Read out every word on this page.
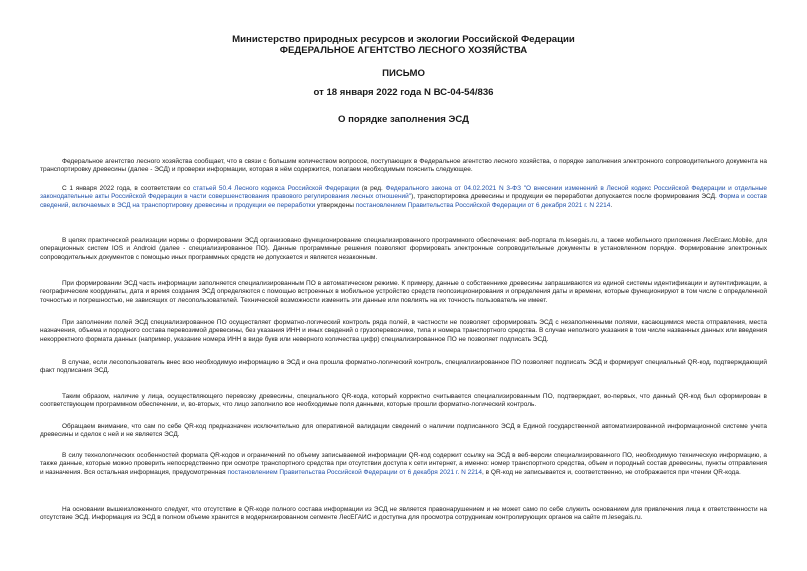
Министерство природных ресурсов и экологии Российской Федерации
ФЕДЕРАЛЬНОЕ АГЕНТСТВО ЛЕСНОГО ХОЗЯЙСТВА
ПИСЬМО
от 18 января 2022 года N ВС-04-54/836
О порядке заполнения ЭСД

Федеральное агентство лесного хозяйства сообщает, что в связи с большим количеством вопросов, поступающих в Федеральное агентство лесного хозяйства, о порядке заполнения электронного сопроводительного документа на транспортировку древесины (далее - ЭСД) и проверки информации, которая в нём содержится, полагаем необходимым пояснить следующее.

С 1 января 2022 года, в соответствии со статьей 50.4 Лесного кодекса Российской Федерации (в ред. Федерального закона от 04.02.2021 N 3-ФЗ "О внесении изменений в Лесной кодекс Российской Федерации и отдельные законодательные акты Российской Федерации в части совершенствования правового регулирования лесных отношений"), транспортировка древесины и продукции ее переработки допускается после формирования ЭСД. Форма и состав сведений, включаемых в ЭСД на транспортировку древесины и продукции ее переработки утверждены постановлением Правительства Российской Федерации от 6 декабря 2021 г. N 2214.

В целях практической реализации нормы о формировании ЭСД организовано функционирование специализированного программного обеспечения: веб-портала m.lesegais.ru, а также мобильного приложения ЛесЕгаис.Mobile, для операционных систем IOS и Android (далее - специализированное ПО). Данные программные решения позволяют формировать электронные сопроводительные документы в установленном порядке. Формирование электронных сопроводительных документов с помощью иных программных средств не допускается и является незаконным.

При формировании ЭСД часть информации заполняется специализированным ПО в автоматическом режиме. К примеру, данные о собственнике древесины запрашиваются из единой системы идентификации и аутентификации, а географические координаты, дата и время создания ЭСД определяются с помощью встроенных в мобильное устройство средств геопозиционирования и определения даты и времени, которые функционируют в том числе с определенной точностью и погрешностью, не зависящих от лесопользователей. Технической возможности изменить эти данные или повлиять на их точность пользователь не имеет.

При заполнении полей ЭСД специализированное ПО осуществляет форматно-логический контроль ряда полей, в частности не позволяет сформировать ЭСД с незаполненными полями, касающимися места отправления, места назначения, объема и породного состава перевозимой древесины, без указания ИНН и иных сведений о грузоперевозчике, типа и номера транспортного средства. В случае неполного указания в том числе названных данных или введения некорректного формата данных (например, указание номера ИНН в виде букв или неверного количества цифр) специализированное ПО не позволяет подписать ЭСД.

В случае, если лесопользователь внес всю необходимую информацию в ЭСД и она прошла форматно-логический контроль, специализированное ПО позволяет подписать ЭСД и формирует специальный QR-код, подтверждающий факт подписания ЭСД.

Таким образом, наличие у лица, осуществляющего перевозку древесины, специального QR-кода, который корректно считывается специализированным ПО, подтверждает, во-первых, что данный QR-код был сформирован в соответствующем программном обеспечении, и, во-вторых, что лицо заполнило все необходимые поля данными, которые прошли форматно-логический контроль.

Обращаем внимание, что сам по себе QR-код предназначен исключительно для оперативной валидации сведений о наличии подписанного ЭСД в Единой государственной автоматизированной информационной системе учета древесины и сделок с ней и не является ЭСД.

В силу технологических особенностей формата QR-кодов и ограничений по объему записываемой информации QR-код содержит ссылку на ЭСД в веб-версии специализированного ПО, необходимую техническую информацию, а также данные, которые можно проверить непосредственно при осмотре транспортного средства при отсутствии доступа к сети интернет, а именно: номер транспортного средства, объем и породный состав древесины, пункты отправления и назначения. Вся остальная информация, предусмотренная постановлением Правительства Российской Федерации от 6 декабря 2021 г. N 2214, в QR-код не записывается и, соответственно, не отображается при чтении QR-кода.

На основании вышеизложенного следует, что отсутствие в QR-коде полного состава информации из ЭСД не является правонарушением и не может само по себе служить основанием для привлечения лица к ответственности на отсутствие ЭСД. Информация из ЭСД в полном объеме хранится в модернизированном сегменте ЛесЕГАИС и доступна для просмотра сотрудникам контролирующих органов на сайте m.lesegais.ru.
